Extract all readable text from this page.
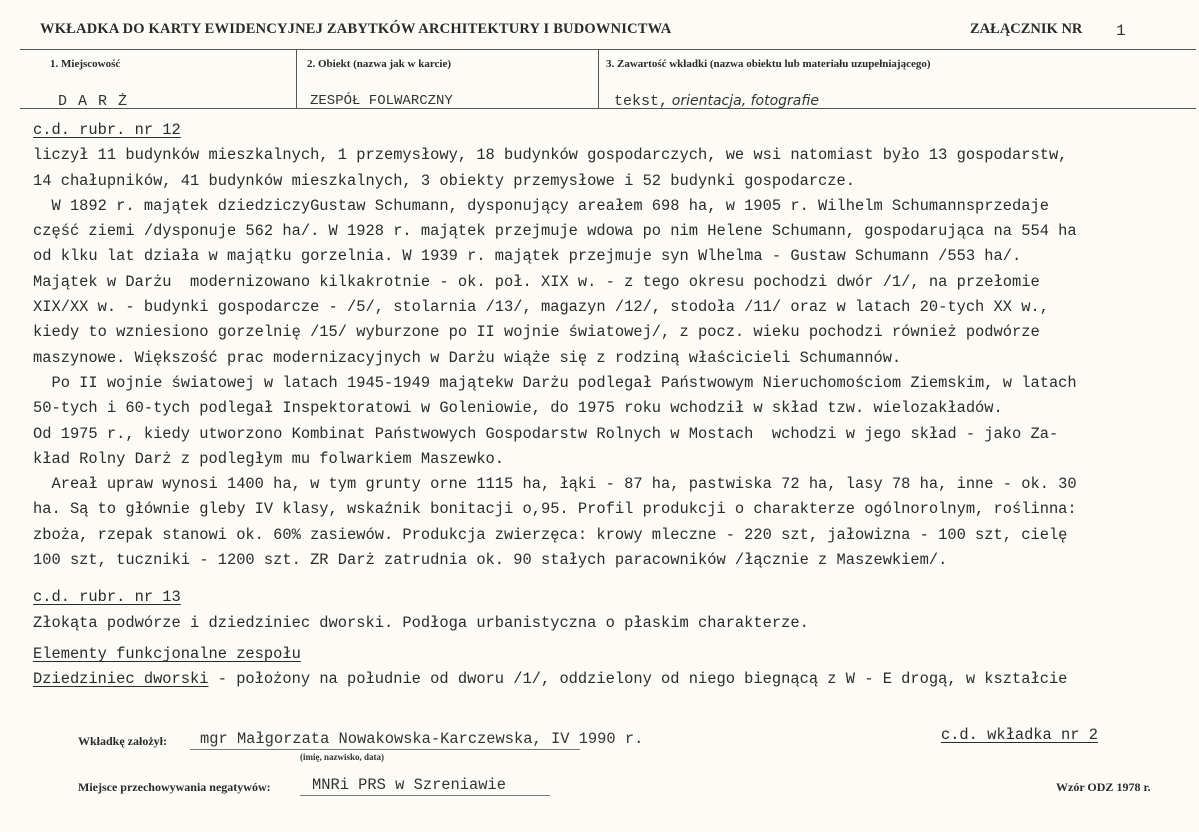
WKŁADKA DO KARTY EWIDENCYJNEJ ZABYTKÓW ARCHITEKTURY I BUDOWNICTWA	ZAŁĄCZNIK NR 1
1. Miejscowość
D A R Ż
2. Obiekt (nazwa jak w karcie)
ZESPÓŁ FOLWARCZNY
3. Zawartość wkładki (nazwa obiektu lub materiału uzupełniającego)
tekst, orientacja, fotografie
c.d. rubr. nr 12
liczył 11 budynków mieszkalnych, 1 przemysłowy, 18 budynków gospodarczych, we wsi natomiast było 13 gospodarstw,
14 chałupników, 41 budynków mieszkalnych, 3 obiekty przemysłowe i 52 budynki gospodarcze.
W 1892 r. majątek dziedziczyGustaw Schumann, dysponujący areałem 698 ha, w 1905 r. Wilhelm Schumannsprzedaje
część ziemi /dysponuje 562 ha/. W 1928 r. majątek przejmuje wdowa po nim Helene Schumann, gospodarująca na 554 ha
od klku lat działa w majątku gorzelnia. W 1939 r. majątek przejmuje syn Wlhelma - Gustaw Schumann /553 ha/.
Majątek w Darżu  modernizowano kilkakrotnie - ok. poł. XIX w. - z tego okresu pochodzi dwór /1/, na przełomie
XIX/XX w. - budynki gospodarcze - /5/, stolarnia /13/, magazyn /12/, stodoła /11/ oraz w latach 20-tych XX w.,
kiedy to wzniesiono gorzelnię /15/ wyburzone po II wojnie światowej/, z pocz. wieku pochodzi również podwórze
maszynowe. Większość prac modernizacyjnych w Darżu wiąże się z rodziną właścicieli Schumannów.
Po II wojnie światowej w latach 1945-1949 majątekw Darżu podlegał Państwowym Nieruchomościom Ziemskim, w latach
50-tych i 60-tych podlegał Inspektoratowi w Goleniowie, do 1975 roku wchodził w skład tzw. wielozakładów.
Od 1975 r., kiedy utworzono Kombinat Państwowych Gospodarstw Rolnych w Mostach  wchodzi w jego skład - jako Za-
kład Rolny Darż z podległym mu folwarkiem Maszewko.
Areał upraw wynosi 1400 ha, w tym grunty orne 1115 ha, łąki - 87 ha, pastwiska 72 ha, lasy 78 ha, inne - ok. 30
ha. Są to głównie gleby IV klasy, wskaźnik bonitacji o,95. Profil produkcji o charakterze ogólnorolnym, roślinna:
zboża, rzepak stanowi ok. 60% zasiewów. Produkcja zwierzęca: krowy mleczne - 220 szt, jałowizna - 100 szt, cielę
100 szt, tuczniki - 1200 szt. ZR Darż zatrudnia ok. 90 stałych paracowników /łącznie z Maszewkiem/.
c.d. rubr. nr 13
Złokąta podwórze i dziedziniec dworski. Podłoga urbanistyczna o płaskim charakterze.
Elementy funkcjonalne zespołu
Dziedziniec dworski - położony na południe od dworu /1/, oddzielony od niego biegnącą z W - E drogą, w kształcie

c.d. wkładka nr 2

Wkładkę założył: mgr Małgorzata Nowakowska-Karczewska, IV 1990 r.
(imię, nazwisko, data)
Miejsce przechowywania negatywów:	MNRi PRS w Szreniawie	Wzór ODZ 1978 r.
